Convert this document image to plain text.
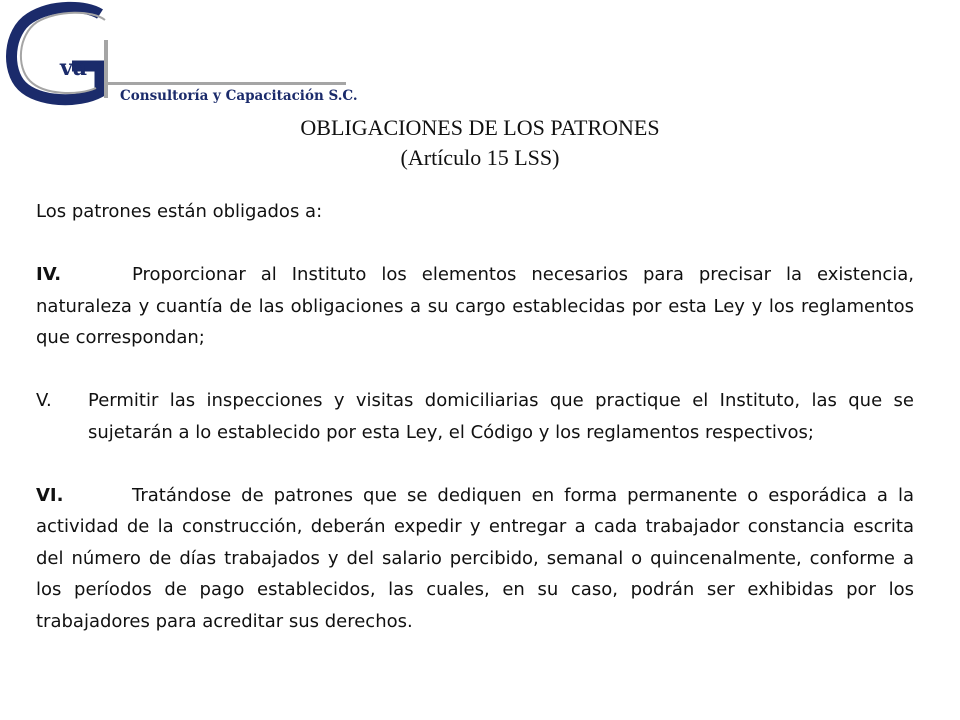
va
Consultoría y Capacitación S.C.
OBLIGACIONES DE LOS PATRONES
(Artículo 15 LSS)

Los patrones están obligados a:

IV.	Proporcionar al Instituto los elementos necesarios para precisar la existencia, naturaleza y cuantía de las obligaciones a su cargo establecidas por esta Ley y los reglamentos que correspondan;

V.	Permitir las inspecciones y visitas domiciliarias que practique el Instituto, las que se sujetarán a lo establecido por esta Ley, el Código y los reglamentos respectivos;

VI.	Tratándose de patrones que se dediquen en forma permanente o esporádica a la actividad de la construcción, deberán expedir y entregar a cada trabajador constancia escrita del número de días trabajados y del salario percibido, semanal o quincenalmente, conforme a los períodos de pago establecidos, las cuales, en su caso, podrán ser exhibidas por los trabajadores para acreditar sus derechos.
